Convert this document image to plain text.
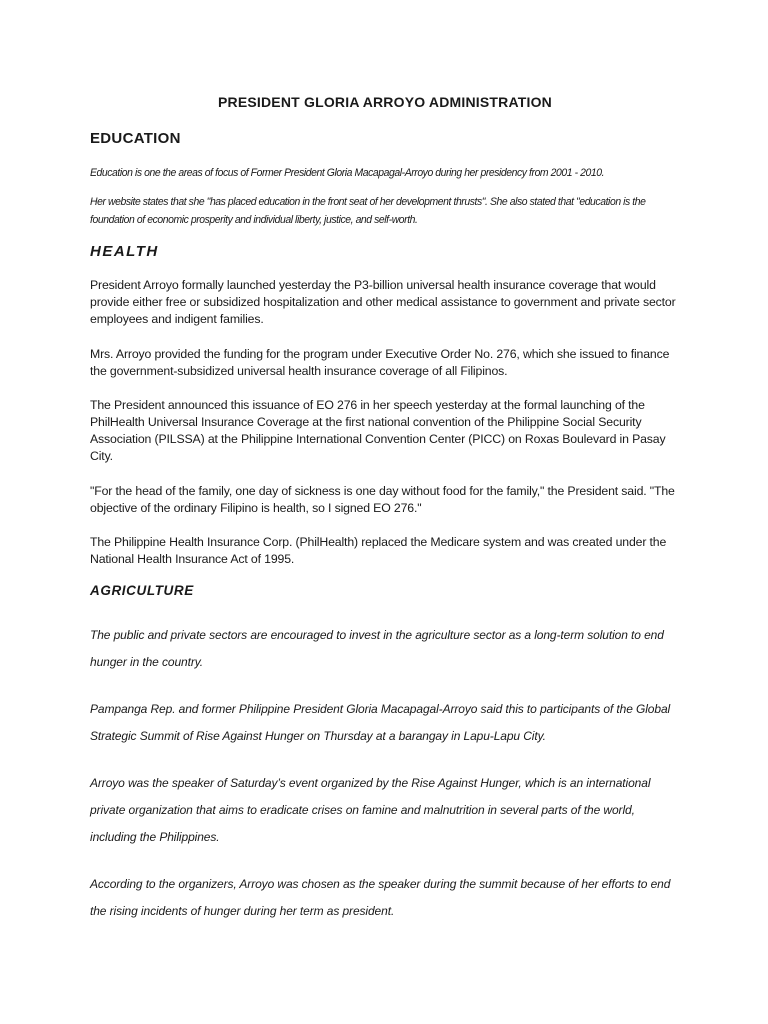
PRESIDENT GLORIA ARROYO ADMINISTRATION
EDUCATION

Education is one the areas of focus of Former President Gloria Macapagal-Arroyo during her presidency from 2001 - 2010.

Her website states that she "has placed education in the front seat of her development thrusts". She also stated that "education is the foundation of economic prosperity and individual liberty, justice, and self-worth.

HEALTH

President Arroyo formally launched yesterday the P3-billion universal health insurance coverage that would provide either free or subsidized hospitalization and other medical assistance to government and private sector employees and indigent families.

Mrs. Arroyo provided the funding for the program under Executive Order No. 276, which she issued to finance the government-subsidized universal health insurance coverage of all Filipinos.

The President announced this issuance of EO 276 in her speech yesterday at the formal launching of the PhilHealth Universal Insurance Coverage at the first national convention of the Philippine Social Security Association (PILSSA) at the Philippine International Convention Center (PICC) on Roxas Boulevard in Pasay City.

"For the head of the family, one day of sickness is one day without food for the family," the President said. "The objective of the ordinary Filipino is health, so I signed EO 276."

The Philippine Health Insurance Corp. (PhilHealth) replaced the Medicare system and was created under the National Health Insurance Act of 1995.

AGRICULTURE

The public and private sectors are encouraged to invest in the agriculture sector as a long-term solution to end hunger in the country.

Pampanga Rep. and former Philippine President Gloria Macapagal-Arroyo said this to participants of the Global Strategic Summit of Rise Against Hunger on Thursday at a barangay in Lapu-Lapu City.

Arroyo was the speaker of Saturday’s event organized by the Rise Against Hunger, which is an international private organization that aims to eradicate crises on famine and malnutrition in several parts of the world, including the Philippines.

According to the organizers, Arroyo was chosen as the speaker during the summit because of her efforts to end the rising incidents of hunger during her term as president.
